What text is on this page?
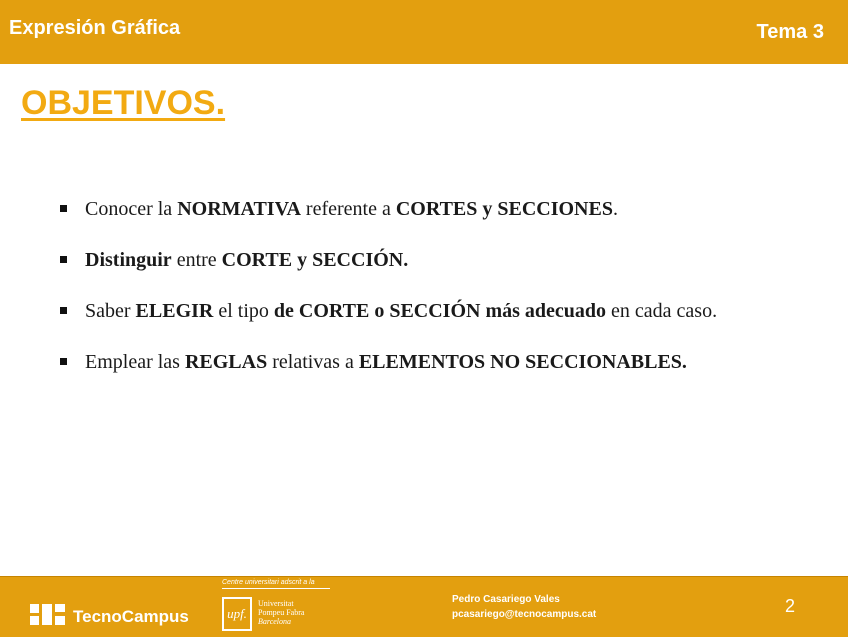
Expresión Gráfica	Tema 3
OBJETIVOS.
Conocer la NORMATIVA referente a CORTES y SECCIONES.
Distinguir entre CORTE y SECCIÓN.
Saber ELEGIR el tipo de CORTE o SECCIÓN más adecuado en cada caso.
Emplear las REGLAS relativas a ELEMENTOS NO SECCIONABLES.
TecnoCampus
Centre universitari adscrit a la
upf.
Universitat
Pompeu Fabra
Barcelona
Pedro Casariego Vales
pcasariego@tecnocampus.cat	2
